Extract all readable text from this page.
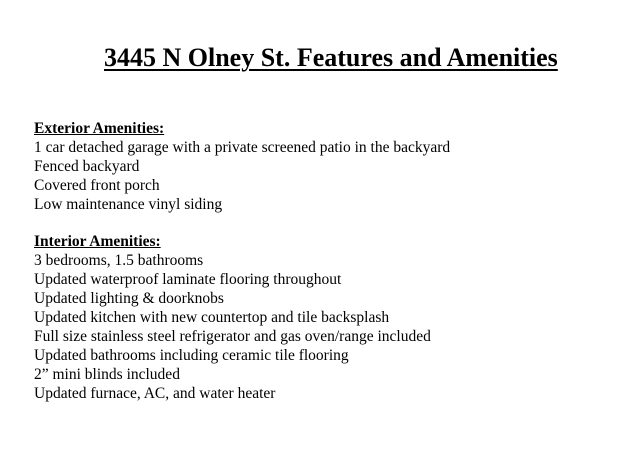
3445 N Olney St. Features and Amenities
Exterior Amenities:
1 car detached garage with a private screened patio in the backyard
Fenced backyard
Covered front porch
Low maintenance vinyl siding
Interior Amenities:
3 bedrooms, 1.5 bathrooms
Updated waterproof laminate flooring throughout
Updated lighting & doorknobs
Updated kitchen with new countertop and tile backsplash
Full size stainless steel refrigerator and gas oven/range included
Updated bathrooms including ceramic tile flooring
2” mini blinds included
Updated furnace, AC, and water heater
